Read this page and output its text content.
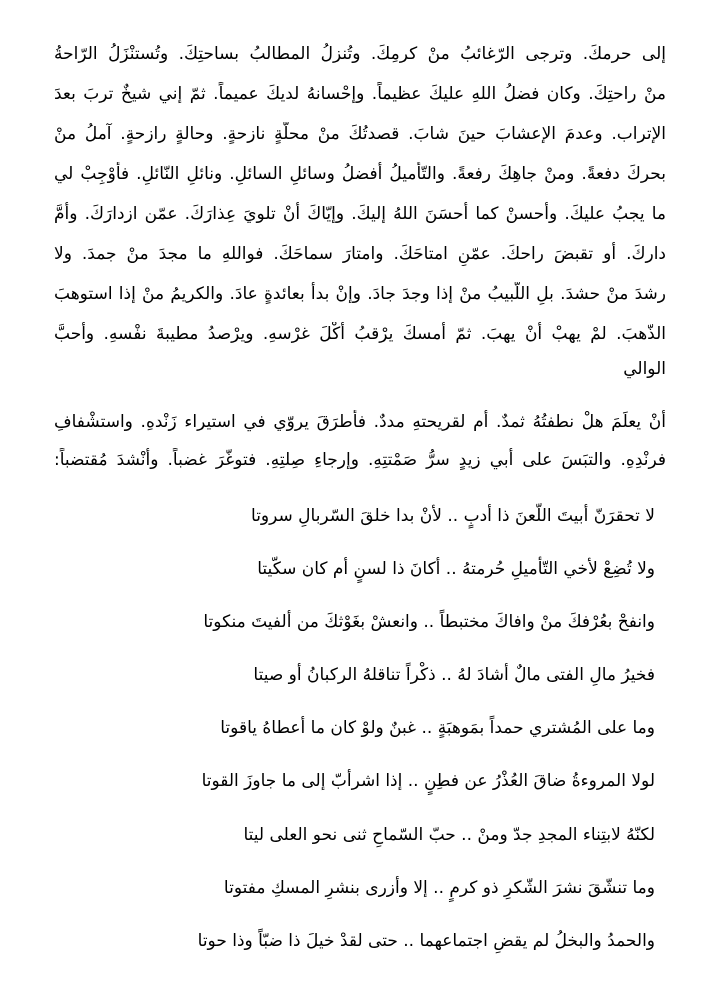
إلى حرمكَ. وترجى الرّغائبُ منْ كرمِكَ. وتُنزلُ المطالبُ بساحتِكَ. وتُستنْزَلُ الرّاحةُ
منْ راحتِكَ. وكان فضلُ اللهِ عليكَ عظيماً. وإحْسانهُ لديكَ عميماً. ثمّ إني شيخٌ تربَ بعدَ
الإتراب. وعدمَ الإعشابَ حينَ شابَ. قصدتُكَ منْ محلّةٍ نازحةٍ. وحالةٍ رازحةٍ. آملُ منْ
بحركَ دفعةً. ومنْ جاهِكَ رفعةً. والتّأميلُ أفضلُ وسائلِ السائلِ. ونائلِ النّائلِ. فأوْجِبْ لي
ما يجبُ عليكَ. وأحسنْ كما أحسَنَ اللهُ إليكَ. وإيّاكَ أنْ تلويَ عِذارَكَ. عمّن ازدارَكَ. وأمَّ
داركَ. أو تقبضَ راحكَ. عمّنِ امتاحَكَ. وامتارَ سماحَكَ. فواللهِ ما مجدَ منْ جمدَ. ولا
رشدَ منْ حشدَ. بلِ اللّبيبُ منْ إذا وجدَ جادَ. وإنْ بدأ بعائدةٍ عادَ. والكريمُ منْ إذا استوهبَ
الذّهبَ. لمْ يهبْ أنْ يهبَ. ثمّ أمسكَ يرْقبُ أكْلَ غرْسهِ. ويرْصدُ مطيبةَ نفْسهِ. وأحبَّ
الوالي
أنْ يعلَمَ هلْ نطفتُهُ ثمدٌ. أم لقريحتهِ مددٌ. فأطرَقَ يروّي في استيراء زَنْدهِ. واستشْفافِ
فرنْدِهِ. والتبَسَ على أبي زيدٍ سرُّ صَمْتتِهِ. وإرجاءِ صِلتِهِ. فتوغّرَ غضباً. وأنْشدَ مُقتضباً:
لا تحقرَنّ أبيتَ اللّعنَ ذا أدبٍ .. لأنْ بدا خلقَ السّربالِ سروتا
ولا تُضِعْ لأخي التّأميلِ حُرمتهُ .. أكانَ ذا لسنٍ أم كان سكّيتا
وانفحْ بعُرْفكَ منْ وافاكَ مختبطاً .. وانعشْ بغَوْثكَ من ألفيتَ منكوتا
فخيرُ مالِ الفتى مالٌ أشادَ لهُ .. ذكْراً تناقلهُ الركبانُ أو صيتا
وما على المُشتري حمداً بمَوهبَةٍ .. غبنٌ ولوْ كان ما أعطاهُ ياقوتا
لولا المروءةُ ضاقَ العُذْرُ عن فطِنٍ .. إذا اشرأبّ إلى ما جاوزَ القوتا
لكنّهُ لابتِناء المجدِ جدّ ومنْ .. حبّ السّماحِ ثنى نحو العلى ليتا
وما تنشّقَ نشرَ الشّكرِ ذو كرمٍ .. إلا وأزرى بنشرِ المسكِ مفتوتا
والحمدُ والبخلُ لم يقضِ اجتماعهما .. حتى لقدْ خيلَ ذا ضبّاً وذا حوتا
